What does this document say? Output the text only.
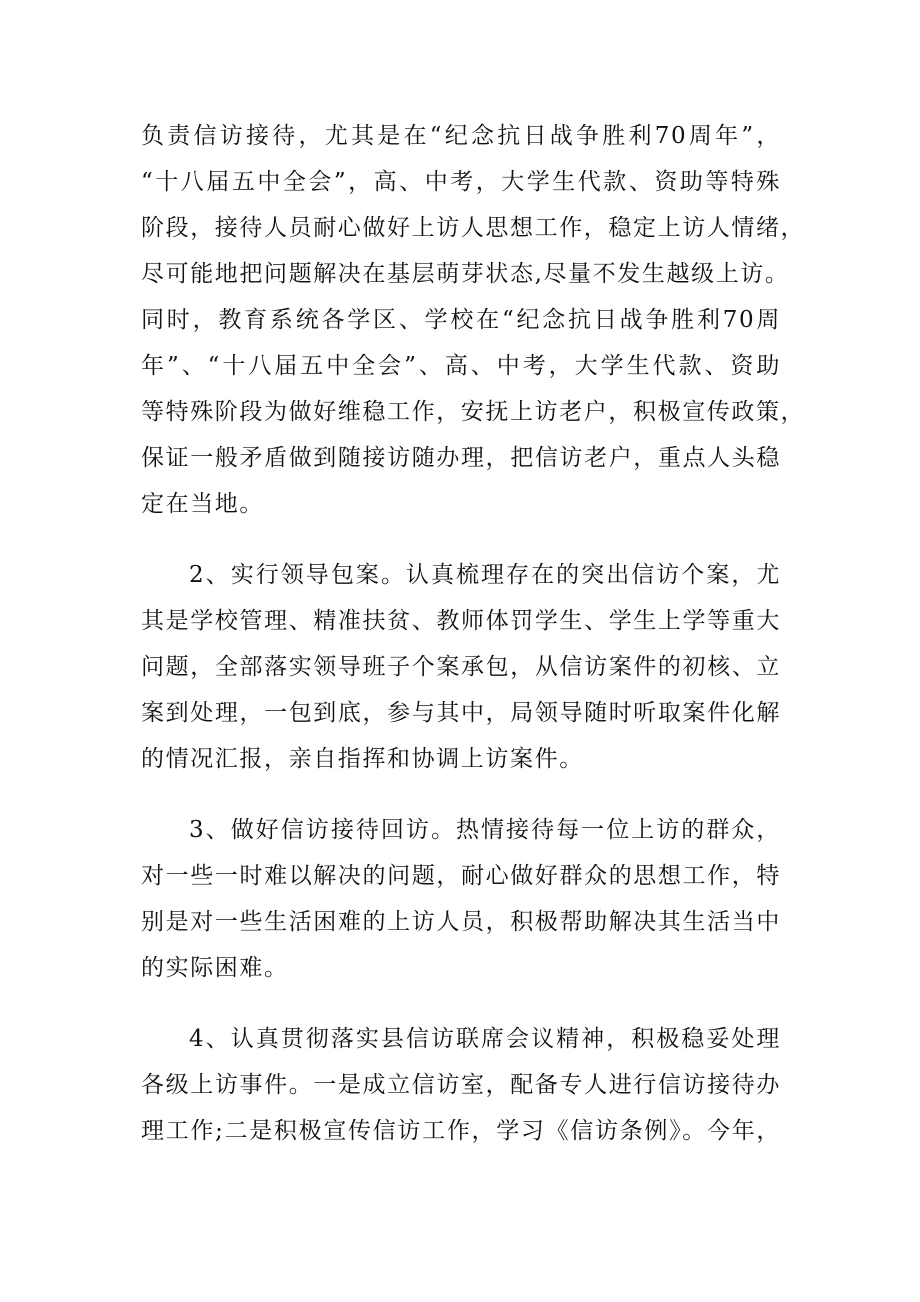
负责信访接待，尤其是在“纪念抗日战争胜利70周年”，
“十八届五中全会”，高、中考，大学生代款、资助等特殊
阶段，接待人员耐心做好上访人思想工作，稳定上访人情绪，
尽可能地把问题解决在基层萌芽状态,尽量不发生越级上访。
同时，教育系统各学区、学校在“纪念抗日战争胜利70周
年”、“十八届五中全会”、高、中考，大学生代款、资助
等特殊阶段为做好维稳工作，安抚上访老户，积极宣传政策，
保证一般矛盾做到随接访随办理，把信访老户，重点人头稳
定在当地。

2、实行领导包案。认真梳理存在的突出信访个案，尤
其是学校管理、精准扶贫、教师体罚学生、学生上学等重大
问题，全部落实领导班子个案承包，从信访案件的初核、立
案到处理，一包到底，参与其中，局领导随时听取案件化解
的情况汇报，亲自指挥和协调上访案件。

3、做好信访接待回访。热情接待每一位上访的群众，
对一些一时难以解决的问题，耐心做好群众的思想工作，特
别是对一些生活困难的上访人员，积极帮助解决其生活当中
的实际困难。

4、认真贯彻落实县信访联席会议精神，积极稳妥处理
各级上访事件。一是成立信访室，配备专人进行信访接待办
理工作;二是积极宣传信访工作，学习《信访条例》。今年，
